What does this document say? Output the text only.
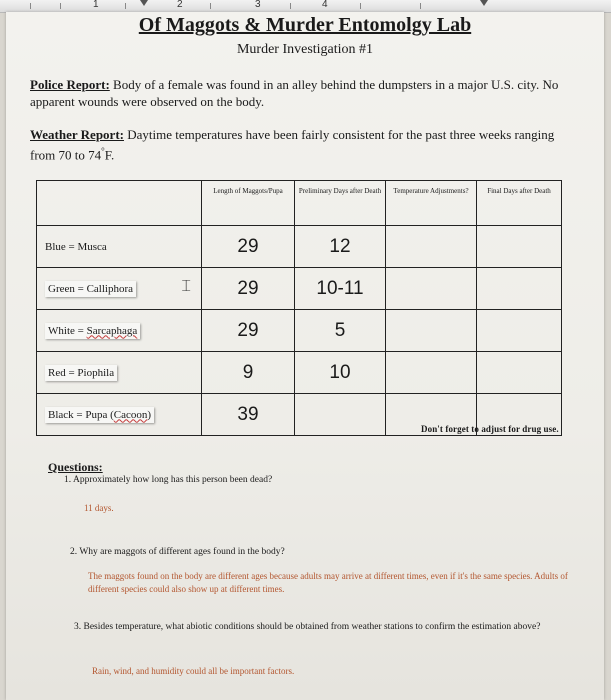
1	2	3	4
Of Maggots & Murder Entomolgy Lab
Murder Investigation #1
Police Report: Body of a female was found in an alley behind the dumpsters in a major U.S. city. No apparent wounds were observed on the body.
Weather Report: Daytime temperatures have been fairly consistent for the past three weeks ranging from 70 to 74°F.
	Length of Maggots/Pupa	Preliminary Days after Death	Temperature Adjustments?	Final Days after Death
Blue = Musca	29	12		
Green = Calliphora ⌶	29	10-11		
White = Sarcaphaga	29	5		
Red = Piophila	9	10		
Black = Pupa (Cacoon)	39			
Don't forget to adjust for drug use.
Questions:
1. Approximately how long has this person been dead?
11 days.
2. Why are maggots of different ages found in the body?
The maggots found on the body are different ages because adults may arrive at different times, even if it's the same species. Adults of different species could also show up at different times.
3. Besides temperature, what abiotic conditions should be obtained from weather stations to confirm the estimation above?
Rain, wind, and humidity could all be important factors.
